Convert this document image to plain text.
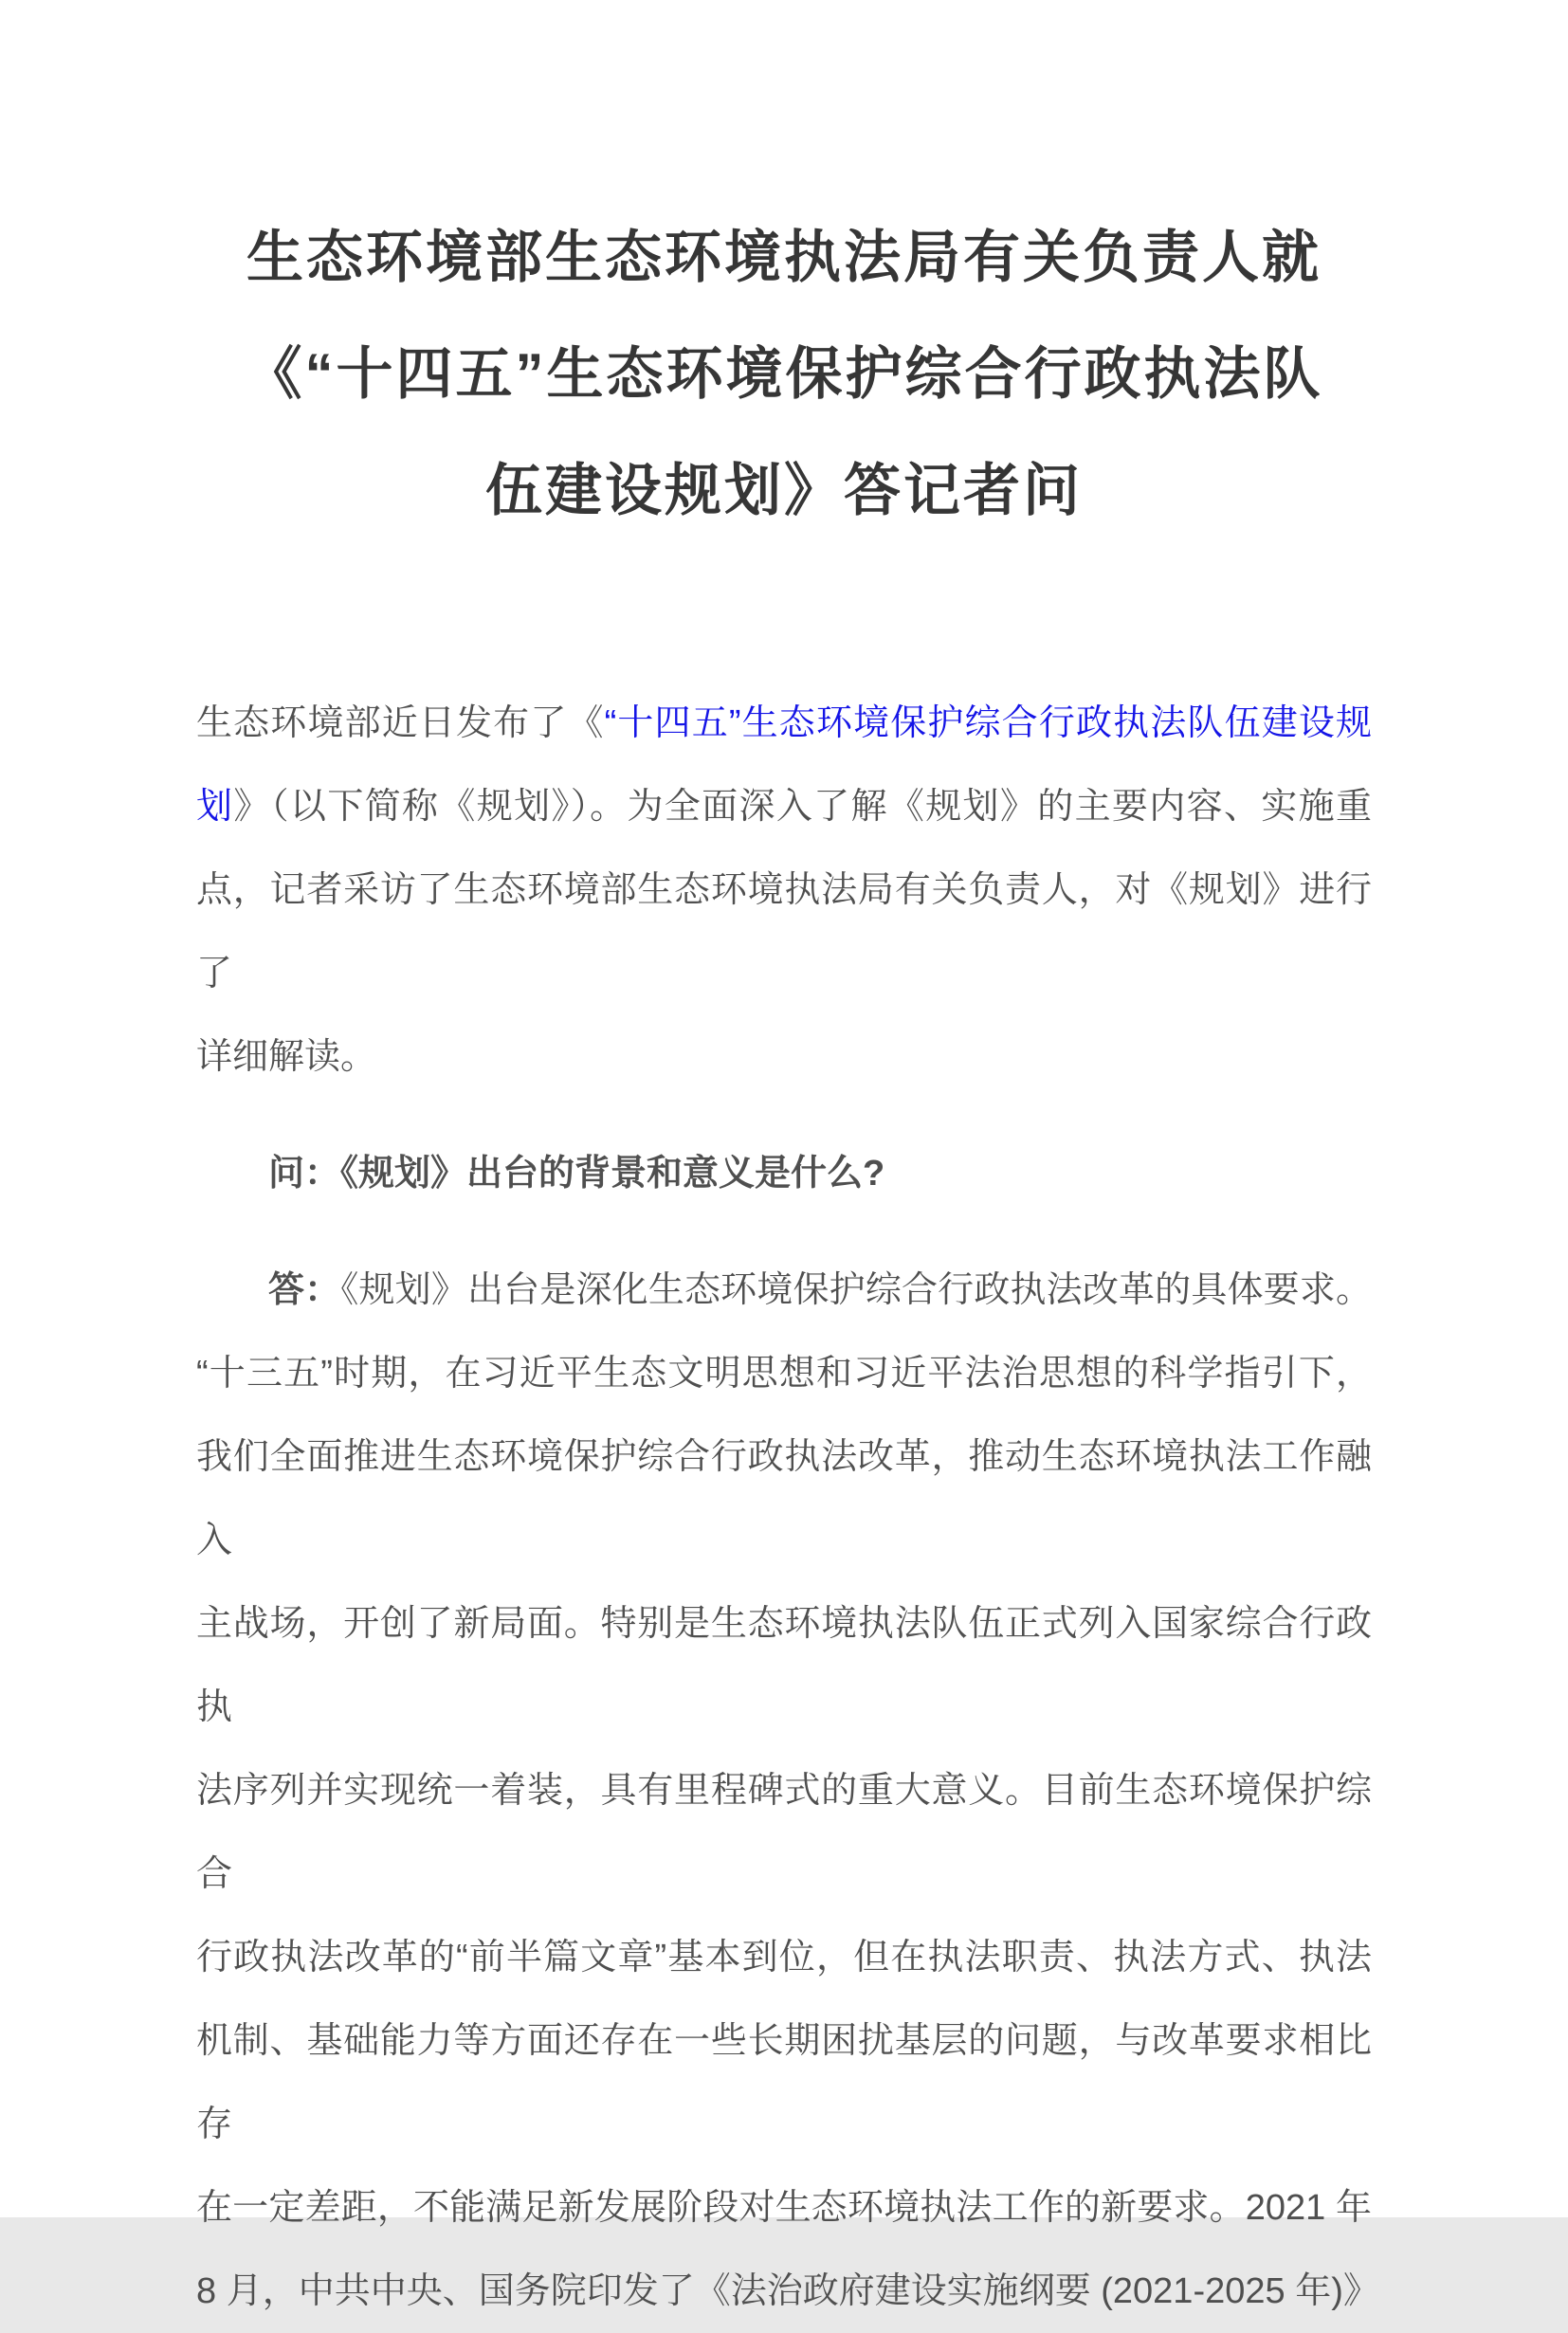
生态环境部生态环境执法局有关负责人就
《“十四五”生态环境保护综合行政执法队
伍建设规划》答记者问
生态环境部近日发布了《“十四五”生态环境保护综合行政执法队伍建设规
划》（以下简称《规划》）。为全面深入了解《规划》的主要内容、实施重
点，记者采访了生态环境部生态环境执法局有关负责人，对《规划》进行了
详细解读。
问：《规划》出台的背景和意义是什么?
答：《规划》出台是深化生态环境保护综合行政执法改革的具体要求。
“十三五”时期，在习近平生态文明思想和习近平法治思想的科学指引下，
我们全面推进生态环境保护综合行政执法改革，推动生态环境执法工作融入
主战场，开创了新局面。特别是生态环境执法队伍正式列入国家综合行政执
法序列并实现统一着装，具有里程碑式的重大意义。目前生态环境保护综合
行政执法改革的“前半篇文章”基本到位，但在执法职责、执法方式、执法
机制、基础能力等方面还存在一些长期困扰基层的问题，与改革要求相比存
在一定差距，不能满足新发展阶段对生态环境执法工作的新要求。2021 年
8 月，中共中央、国务院印发了《法治政府建设实施纲要 (2021-2025 年)》
